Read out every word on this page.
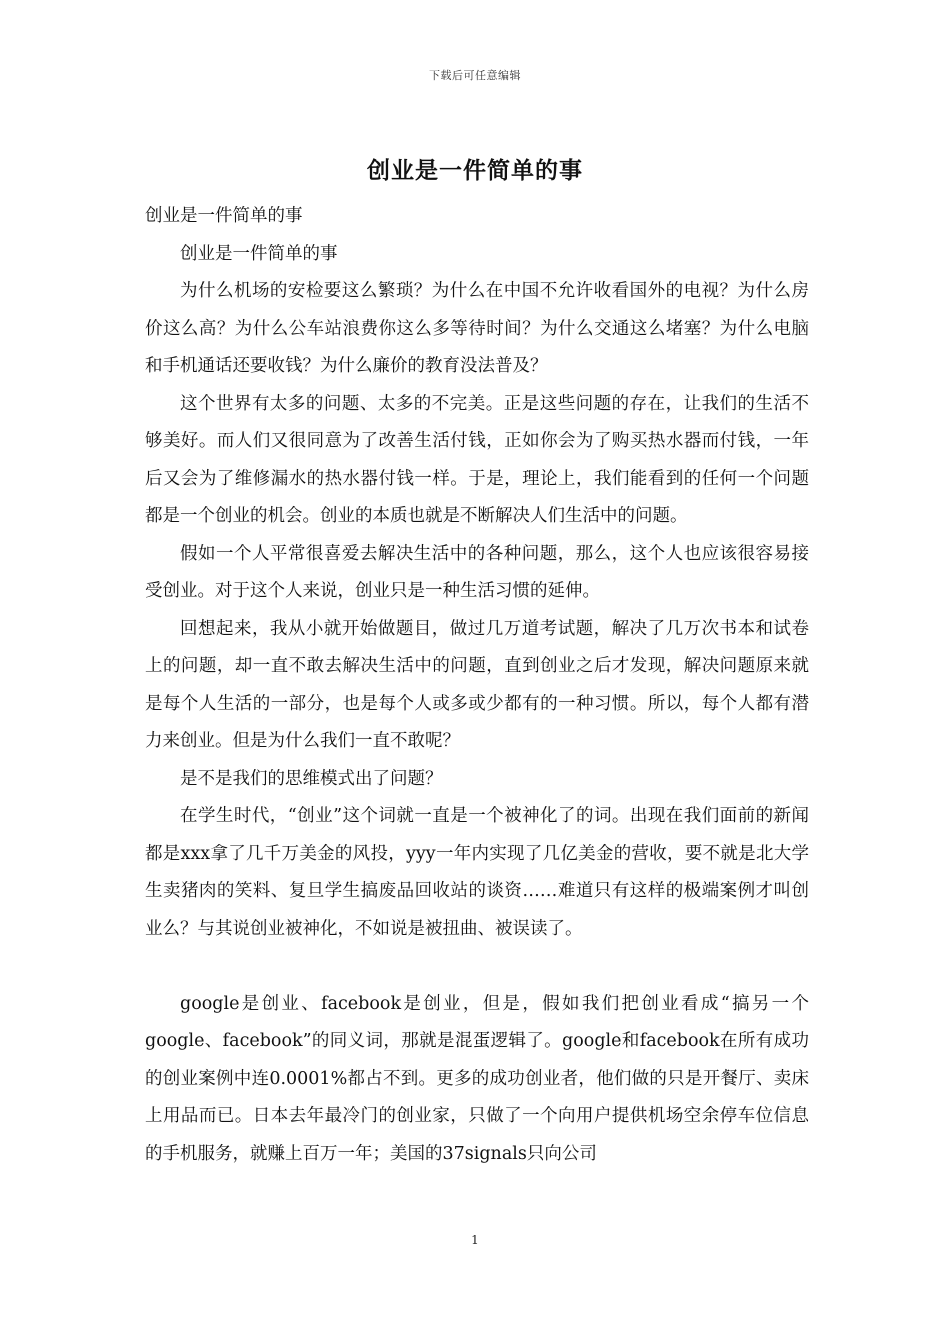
下载后可任意编辑
创业是一件简单的事

创业是一件简单的事

创业是一件简单的事

为什么机场的安检要这么繁琐？为什么在中国不允许收看国外的电视？为什么房价这么高？为什么公车站浪费你这么多等待时间？为什么交通这么堵塞？为什么电脑和手机通话还要收钱？为什么廉价的教育没法普及？

这个世界有太多的问题、太多的不完美。正是这些问题的存在，让我们的生活不够美好。而人们又很同意为了改善生活付钱，正如你会为了购买热水器而付钱，一年后又会为了维修漏水的热水器付钱一样。于是，理论上，我们能看到的任何一个问题都是一个创业的机会。创业的本质也就是不断解决人们生活中的问题。

假如一个人平常很喜爱去解决生活中的各种问题，那么，这个人也应该很容易接受创业。对于这个人来说，创业只是一种生活习惯的延伸。

回想起来，我从小就开始做题目，做过几万道考试题，解决了几万次书本和试卷上的问题，却一直不敢去解决生活中的问题，直到创业之后才发现，解决问题原来就是每个人生活的一部分，也是每个人或多或少都有的一种习惯。所以，每个人都有潜力来创业。但是为什么我们一直不敢呢？

是不是我们的思维模式出了问题？

在学生时代，“创业”这个词就一直是一个被神化了的词。出现在我们面前的新闻都是xxx拿了几千万美金的风投，yyy一年内实现了几亿美金的营收，要不就是北大学生卖猪肉的笑料、复旦学生搞废品回收站的谈资……难道只有这样的极端案例才叫创业么？与其说创业被神化，不如说是被扭曲、被误读了。

google是创业、facebook是创业，但是，假如我们把创业看成“搞另一个google、facebook”的同义词，那就是混蛋逻辑了。google和facebook在所有成功的创业案例中连0.0001%都占不到。更多的成功创业者，他们做的只是开餐厅、卖床上用品而已。日本去年最冷门的创业家，只做了一个向用户提供机场空余停车位信息的手机服务，就赚上百万一年；美国的37signals只向公司

1
